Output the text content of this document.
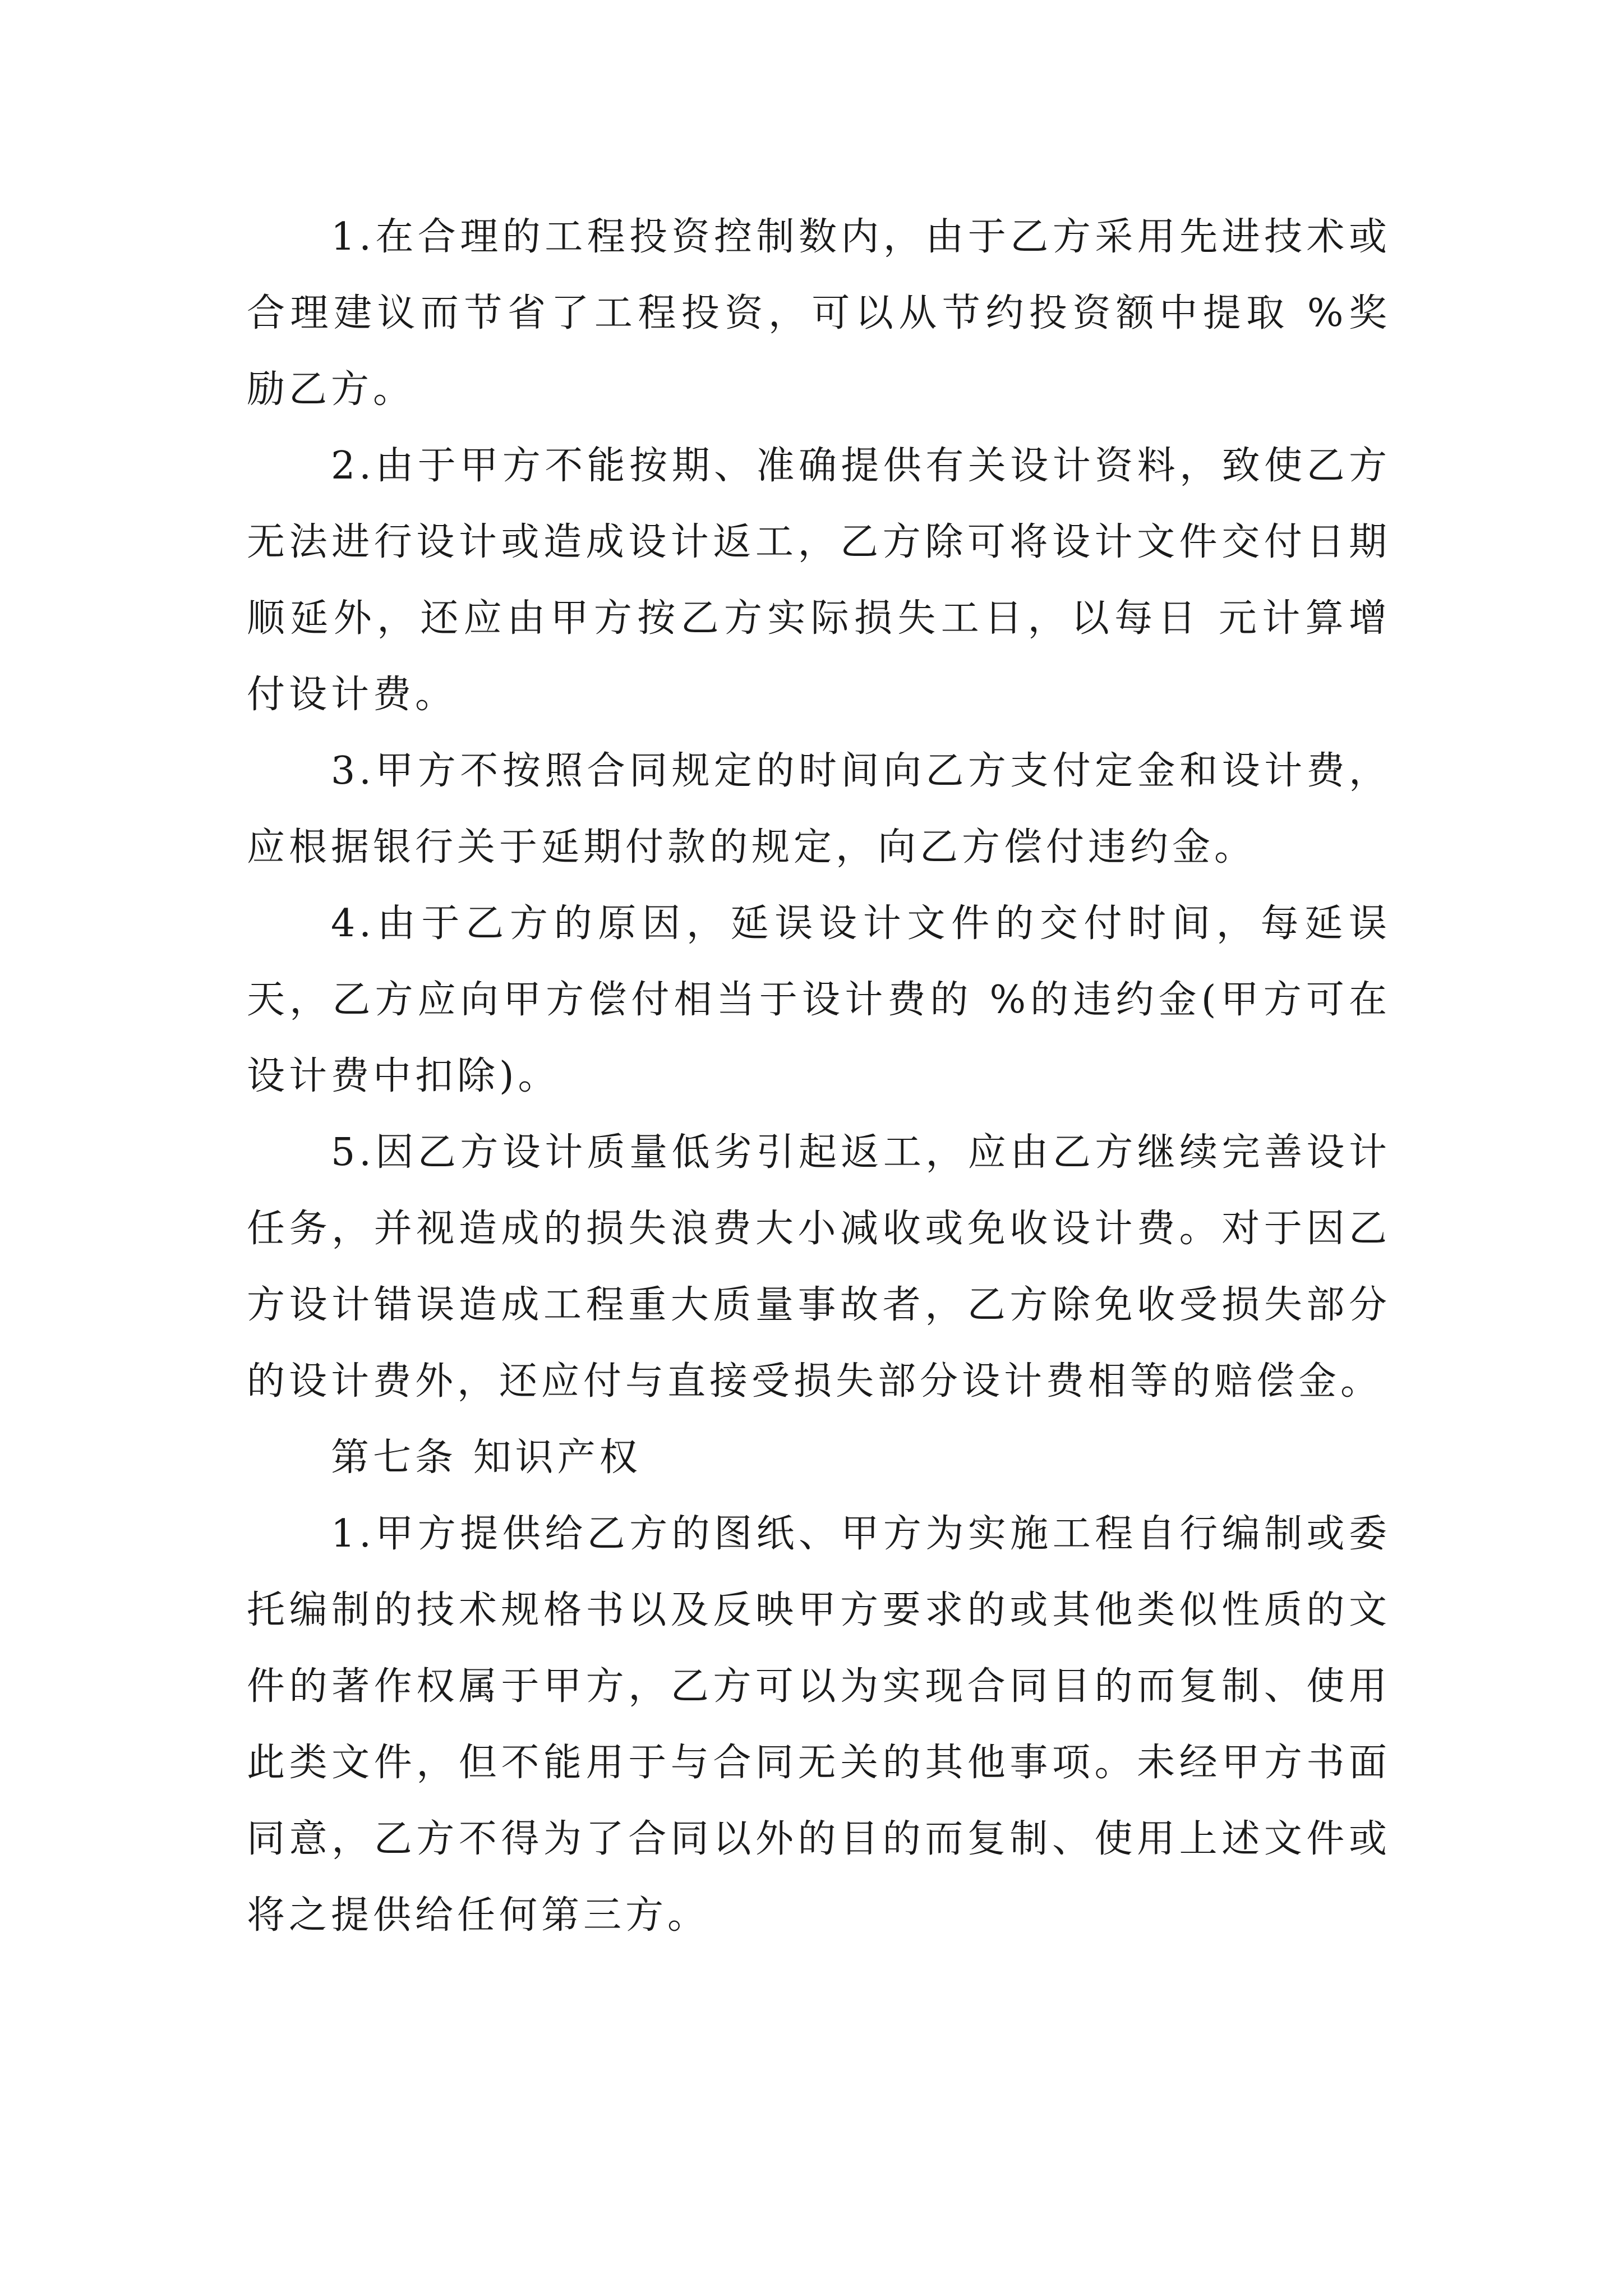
1.在合理的工程投资控制数内，由于乙方采用先进技术或合理建议而节省了工程投资，可以从节约投资额中提取 %奖励乙方。

2.由于甲方不能按期、准确提供有关设计资料，致使乙方无法进行设计或造成设计返工，乙方除可将设计文件交付日期顺延外，还应由甲方按乙方实际损失工日，以每日 元计算增付设计费。

3.甲方不按照合同规定的时间向乙方支付定金和设计费，应根据银行关于延期付款的规定，向乙方偿付违约金。

4.由于乙方的原因，延误设计文件的交付时间，每延误天，乙方应向甲方偿付相当于设计费的 %的违约金(甲方可在设计费中扣除)。

5.因乙方设计质量低劣引起返工，应由乙方继续完善设计任务，并视造成的损失浪费大小减收或免收设计费。对于因乙方设计错误造成工程重大质量事故者，乙方除免收受损失部分的设计费外，还应付与直接受损失部分设计费相等的赔偿金。

第七条 知识产权

1.甲方提供给乙方的图纸、甲方为实施工程自行编制或委托编制的技术规格书以及反映甲方要求的或其他类似性质的文件的著作权属于甲方，乙方可以为实现合同目的而复制、使用此类文件，但不能用于与合同无关的其他事项。未经甲方书面同意，乙方不得为了合同以外的目的而复制、使用上述文件或将之提供给任何第三方。
